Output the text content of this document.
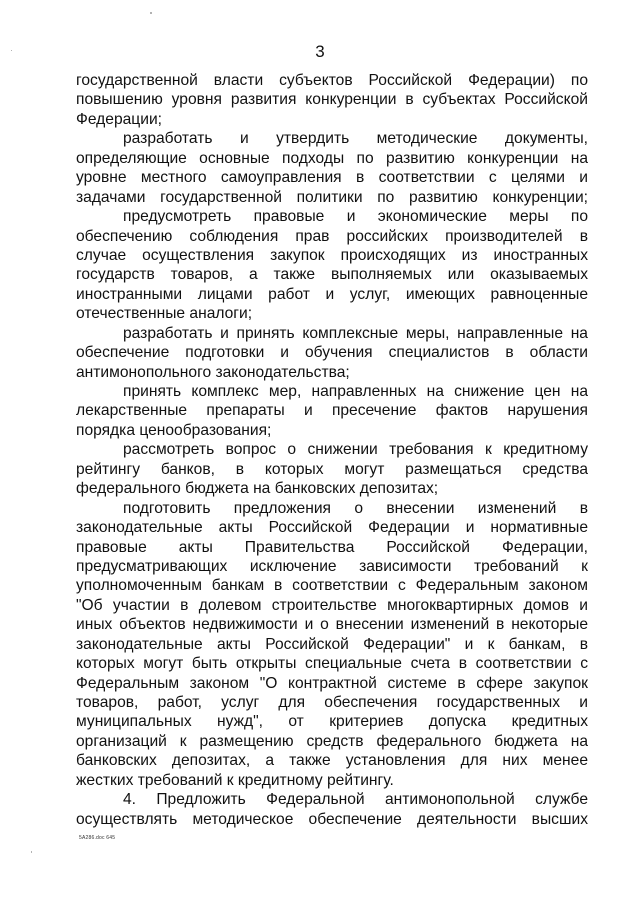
3
государственной власти субъектов Российской Федерации) по
повышению уровня развития конкуренции в субъектах Российской
Федерации;
разработать и утвердить методические документы,
определяющие основные подходы по развитию конкуренции на
уровне местного самоуправления в соответствии с целями и
задачами государственной политики по развитию конкуренции;
предусмотреть правовые и экономические меры по
обеспечению соблюдения прав российских производителей в
случае осуществления закупок происходящих из иностранных
государств товаров, а также выполняемых или оказываемых
иностранными лицами работ и услуг, имеющих равноценные
отечественные аналоги;
разработать и принять комплексные меры, направленные на
обеспечение подготовки и обучения специалистов в области
антимонопольного законодательства;
принять комплекс мер, направленных на снижение цен на
лекарственные препараты и пресечение фактов нарушения
порядка ценообразования;
рассмотреть вопрос о снижении требования к кредитному
рейтингу банков, в которых могут размещаться средства
федерального бюджета на банковских депозитах;
подготовить предложения о внесении изменений в
законодательные акты Российской Федерации и нормативные
правовые акты Правительства Российской Федерации,
предусматривающих исключение зависимости требований к
уполномоченным банкам в соответствии с Федеральным законом
"Об участии в долевом строительстве многоквартирных домов и
иных объектов недвижимости и о внесении изменений в некоторые
законодательные акты Российской Федерации" и к банкам, в
которых могут быть открыты специальные счета в соответствии с
Федеральным законом "О контрактной системе в сфере закупок
товаров, работ, услуг для обеспечения государственных и
муниципальных нужд", от критериев допуска кредитных
организаций к размещению средств федерального бюджета на
банковских депозитах, а также установления для них менее
жестких требований к кредитному рейтингу.
4. Предложить Федеральной антимонопольной службе
осуществлять методическое обеспечение деятельности высших
5A286.doc 645
